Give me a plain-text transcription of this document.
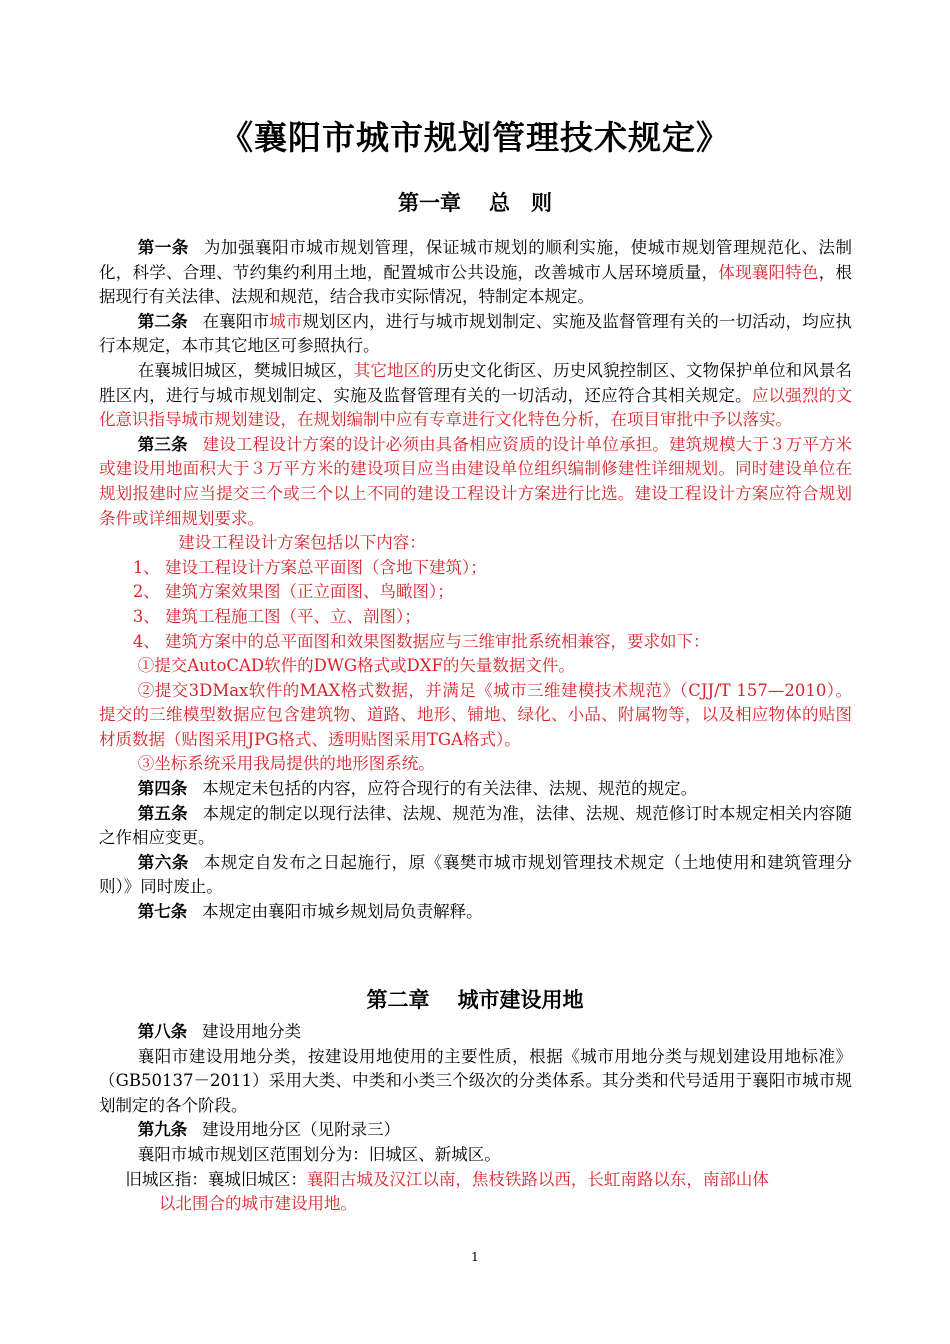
《襄阳市城市规划管理技术规定》
第一章 总　则

第一条 为加强襄阳市城市规划管理，保证城市规划的顺利实施，使城市规划管理规范化、法制化，科学、合理、节约集约利用土地，配置城市公共设施，改善城市人居环境质量，体现襄阳特色，根据现行有关法律、法规和规范，结合我市实际情况，特制定本规定。

第二条 在襄阳市城市规划区内，进行与城市规划制定、实施及监督管理有关的一切活动，均应执行本规定，本市其它地区可参照执行。

在襄城旧城区，樊城旧城区，其它地区的历史文化街区、历史风貌控制区、文物保护单位和风景名胜区内，进行与城市规划制定、实施及监督管理有关的一切活动，还应符合其相关规定。应以强烈的文化意识指导城市规划建设，在规划编制中应有专章进行文化特色分析，在项目审批中予以落实。

第三条 建设工程设计方案的设计必须由具备相应资质的设计单位承担。建筑规模大于３万平方米或建设用地面积大于３万平方米的建设项目应当由建设单位组织编制修建性详细规划。同时建设单位在规划报建时应当提交三个或三个以上不同的建设工程设计方案进行比选。建设工程设计方案应符合规划条件或详细规划要求。

建设工程设计方案包括以下内容：

1、 建设工程设计方案总平面图（含地下建筑）；

2、 建筑方案效果图（正立面图、鸟瞰图）；

3、 建筑工程施工图（平、立、剖图）；

4、 建筑方案中的总平面图和效果图数据应与三维审批系统相兼容，要求如下：

①提交AutoCAD软件的DWG格式或DXF的矢量数据文件。

②提交3DMax软件的MAX格式数据，并满足《城市三维建模技术规范》（CJJ/T 157—2010）。提交的三维模型数据应包含建筑物、道路、地形、铺地、绿化、小品、附属物等，以及相应物体的贴图材质数据（贴图采用JPG格式、透明贴图采用TGA格式）。

③坐标系统采用我局提供的地形图系统。

第四条 本规定未包括的内容，应符合现行的有关法律、法规、规范的规定。

第五条 本规定的制定以现行法律、法规、规范为准，法律、法规、规范修订时本规定相关内容随之作相应变更。

第六条 本规定自发布之日起施行，原《襄樊市城市规划管理技术规定（土地使用和建筑管理分则）》同时废止。

第七条 本规定由襄阳市城乡规划局负责解释。

第二章 城市建设用地

第八条 建设用地分类

襄阳市建设用地分类，按建设用地使用的主要性质，根据《城市用地分类与规划建设用地标准》（GB50137－2011）采用大类、中类和小类三个级次的分类体系。其分类和代号适用于襄阳市城市规划制定的各个阶段。

第九条 建设用地分区（见附录三）

襄阳市城市规划区范围划分为：旧城区、新城区。

旧城区指：襄城旧城区：襄阳古城及汉江以南，焦枝铁路以西，长虹南路以东，南部山体

以北围合的城市建设用地。

1
